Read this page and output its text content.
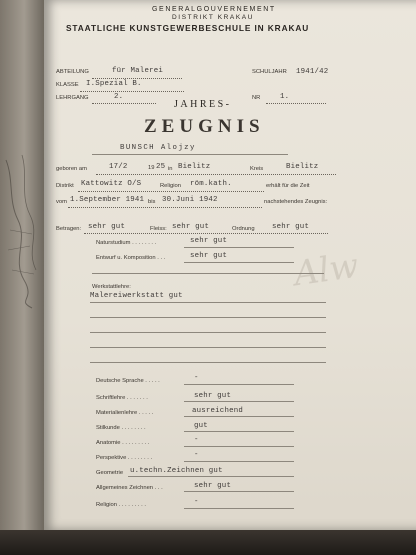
Alw
GENERALGOUVERNEMENT
DISTRIKT KRAKAU
STAATLICHE KUNSTGEWERBESCHULE IN KRAKAU
ABTEILUNG	für Malerei	SCHULJAHR 1941/42
KLASSE I.Spezial B.
LEHRGANG	2.	NR	1.
JAHRES-
ZEUGNIS
BUNSCH Alojzy
geboren am	17/2	19 25 in Bielitz	Kreis	Bielitz
Distrikt Kattowitz O/S	Religion röm.kath.	erhält für die Zeit
vom 1.September 1941 bis 30.Juni 1942	nachstehendes Zeugnis:
Betragen: sehr gut	Fleiss: sehr gut	Ordnung sehr gut
Naturstudium . . . . . . . .	sehr gut
Entwurf u. Komposition . . .	sehr gut
Werkstattlehre:
Malereiwerkstatt gut
Deutsche Sprache . . . . .	-
Schriftlehre . . . . . . .	sehr gut
Materialienlehre . . . . .	ausreichend
Stilkunde . . . . . . . .	gut
Anatomie . . . . . . . . .	-
Perspektive . . . . . . . .	-
Geometrie u.techn.Zeichnen gut
Allgemeines Zeichnen . . .	sehr gut
Religion . . . . . . . . .	-
